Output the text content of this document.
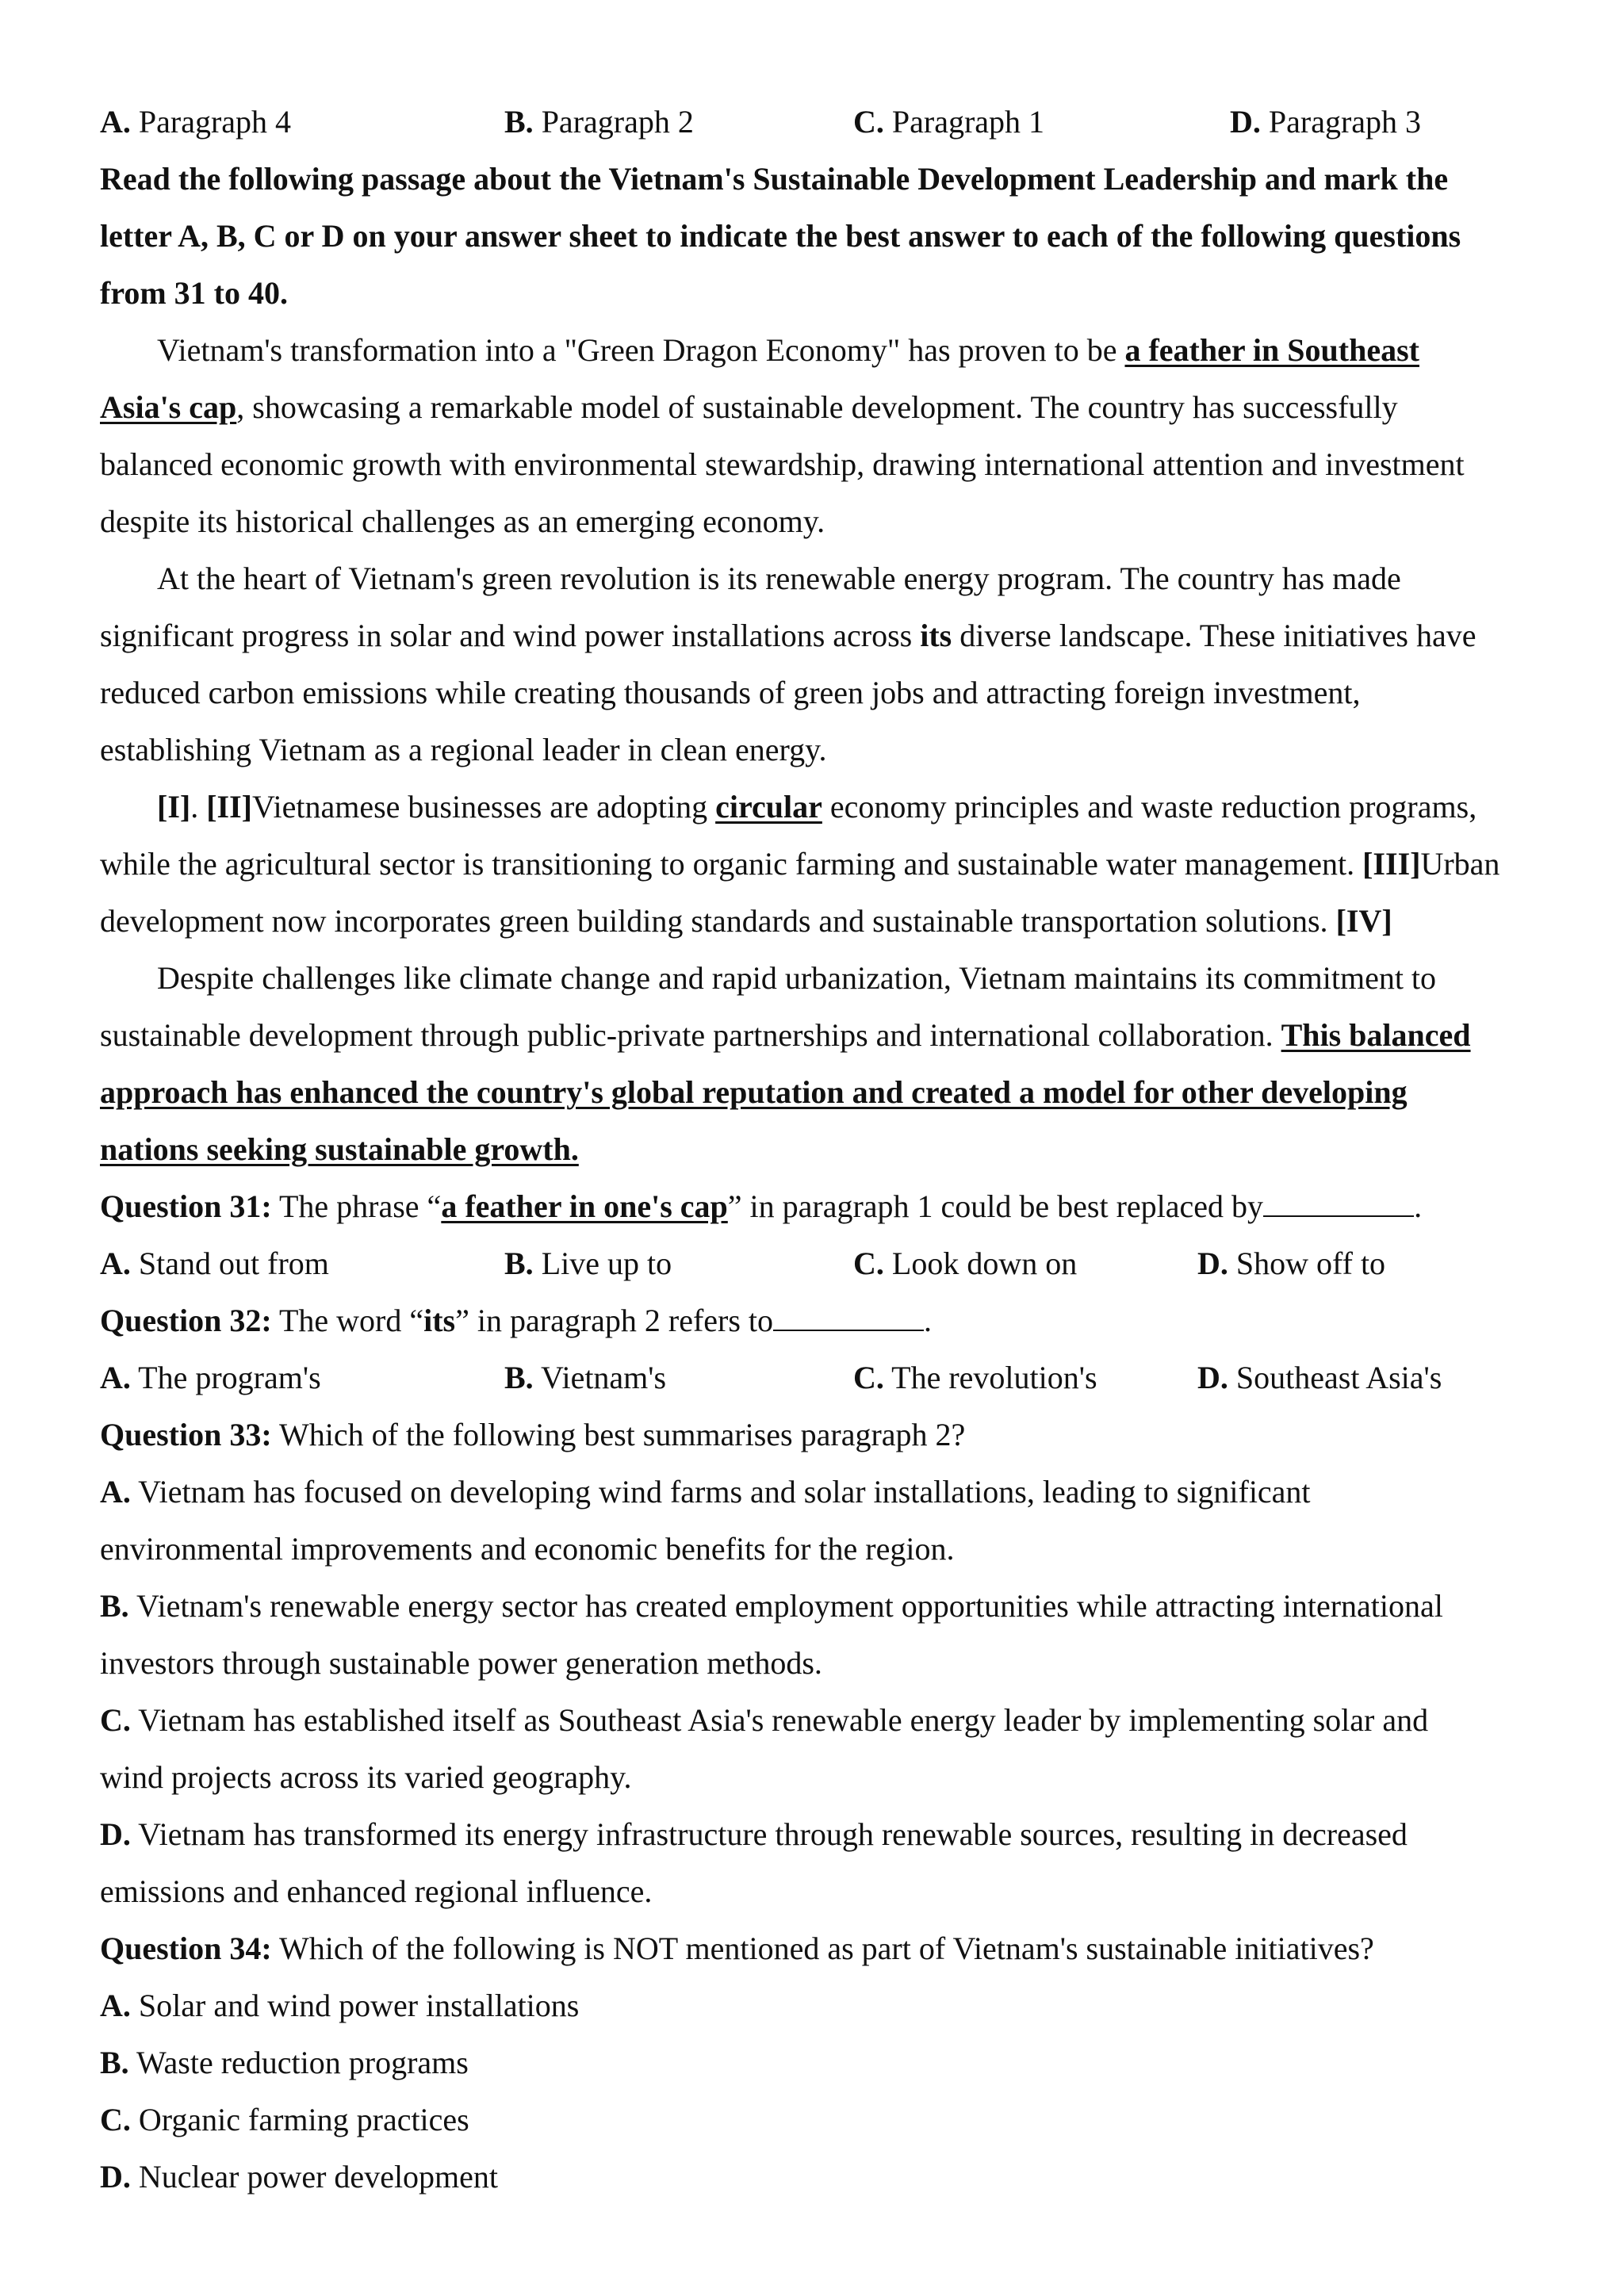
A. Paragraph 4	B. Paragraph 2	C. Paragraph 1	D. Paragraph 3
Read the following passage about the Vietnam's Sustainable Development Leadership and mark the
letter A, B, C or D on your answer sheet to indicate the best answer to each of the following questions
from 31 to 40.
Vietnam's transformation into a "Green Dragon Economy" has proven to be a feather in Southeast
Asia's cap, showcasing a remarkable model of sustainable development. The country has successfully
balanced economic growth with environmental stewardship, drawing international attention and investment
despite its historical challenges as an emerging economy.
At the heart of Vietnam's green revolution is its renewable energy program. The country has made
significant progress in solar and wind power installations across its diverse landscape. These initiatives have
reduced carbon emissions while creating thousands of green jobs and attracting foreign investment,
establishing Vietnam as a regional leader in clean energy.
[I]. [II]Vietnamese businesses are adopting circular economy principles and waste reduction programs,
while the agricultural sector is transitioning to organic farming and sustainable water management. [III]Urban
development now incorporates green building standards and sustainable transportation solutions. [IV]
Despite challenges like climate change and rapid urbanization, Vietnam maintains its commitment to
sustainable development through public-private partnerships and international collaboration. This balanced
approach has enhanced the country's global reputation and created a model for other developing
nations seeking sustainable growth.
Question 31: The phrase “a feather in one's cap” in paragraph 1 could be best replaced by	.
A. Stand out from	B. Live up to	C. Look down on	D. Show off to
Question 32: The word “its” in paragraph 2 refers to	.
A. The program's	B. Vietnam's	C. The revolution's	D. Southeast Asia's
Question 33: Which of the following best summarises paragraph 2?
A. Vietnam has focused on developing wind farms and solar installations, leading to significant
environmental improvements and economic benefits for the region.
B. Vietnam's renewable energy sector has created employment opportunities while attracting international
investors through sustainable power generation methods.
C. Vietnam has established itself as Southeast Asia's renewable energy leader by implementing solar and
wind projects across its varied geography.
D. Vietnam has transformed its energy infrastructure through renewable sources, resulting in decreased
emissions and enhanced regional influence.
Question 34: Which of the following is NOT mentioned as part of Vietnam's sustainable initiatives?
A. Solar and wind power installations
B. Waste reduction programs
C. Organic farming practices
D. Nuclear power development
